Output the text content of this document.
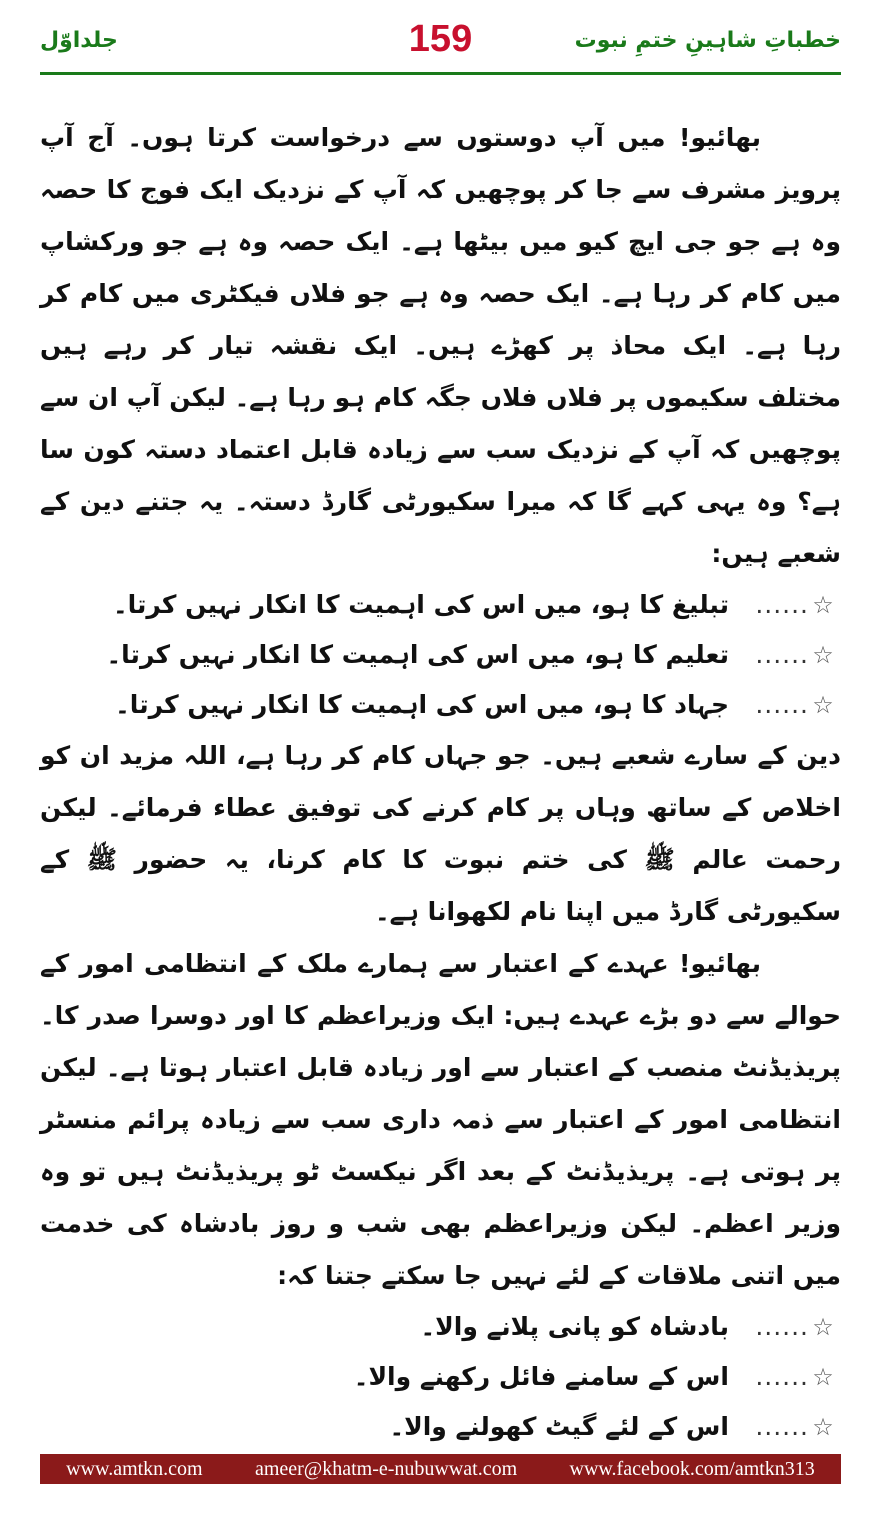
جلداوّل	159	خطباتِ شاہینِ ختمِ نبوت

بھائیو! میں آپ دوستوں سے درخواست کرتا ہوں۔ آج آپ پرویز مشرف سے جا کر پوچھیں کہ آپ کے نزدیک ایک فوج کا حصہ وہ ہے جو جی ایچ کیو میں بیٹھا ہے۔ ایک حصہ وہ ہے جو ورکشاپ میں کام کر رہا ہے۔ ایک حصہ وہ ہے جو فلاں فیکٹری میں کام کر رہا ہے۔ ایک محاذ پر کھڑے ہیں۔ ایک نقشہ تیار کر رہے ہیں مختلف سکیموں پر فلاں فلاں جگہ کام ہو رہا ہے۔ لیکن آپ ان سے پوچھیں کہ آپ کے نزدیک سب سے زیادہ قابل اعتماد دستہ کون سا ہے؟ وہ یہی کہے گا کہ میرا سکیورٹی گارڈ دستہ۔ یہ جتنے دین کے شعبے ہیں:

☆
......
تبلیغ کا ہو، میں اس کی اہمیت کا انکار نہیں کرتا۔
☆
......
تعلیم کا ہو، میں اس کی اہمیت کا انکار نہیں کرتا۔
☆
......
جہاد کا ہو، میں اس کی اہمیت کا انکار نہیں کرتا۔

دین کے سارے شعبے ہیں۔ جو جہاں کام کر رہا ہے، اللہ مزید ان کو اخلاص کے ساتھ وہاں پر کام کرنے کی توفیق عطاء فرمائے۔ لیکن رحمت عالم ﷺ کی ختم نبوت کا کام کرنا، یہ حضور ﷺ کے سکیورٹی گارڈ میں اپنا نام لکھوانا ہے۔

بھائیو! عہدے کے اعتبار سے ہمارے ملک کے انتظامی امور کے حوالے سے دو بڑے عہدے ہیں: ایک وزیراعظم کا اور دوسرا صدر کا۔ پریذیڈنٹ منصب کے اعتبار سے اور زیادہ قابل اعتبار ہوتا ہے۔ لیکن انتظامی امور کے اعتبار سے ذمہ داری سب سے زیادہ پرائم منسٹر پر ہوتی ہے۔ پریذیڈنٹ کے بعد اگر نیکسٹ ٹو پریذیڈنٹ ہیں تو وہ وزیر اعظم۔ لیکن وزیراعظم بھی شب و روز بادشاہ کی خدمت میں اتنی ملاقات کے لئے نہیں جا سکتے جتنا کہ:

☆
......
بادشاہ کو پانی پلانے والا۔
☆
......
اس کے سامنے فائل رکھنے والا۔
☆
......
اس کے لئے گیٹ کھولنے والا۔
www.amtkn.com	ameer@khatm-e-nubuwwat.com	www.facebook.com/amtkn313
